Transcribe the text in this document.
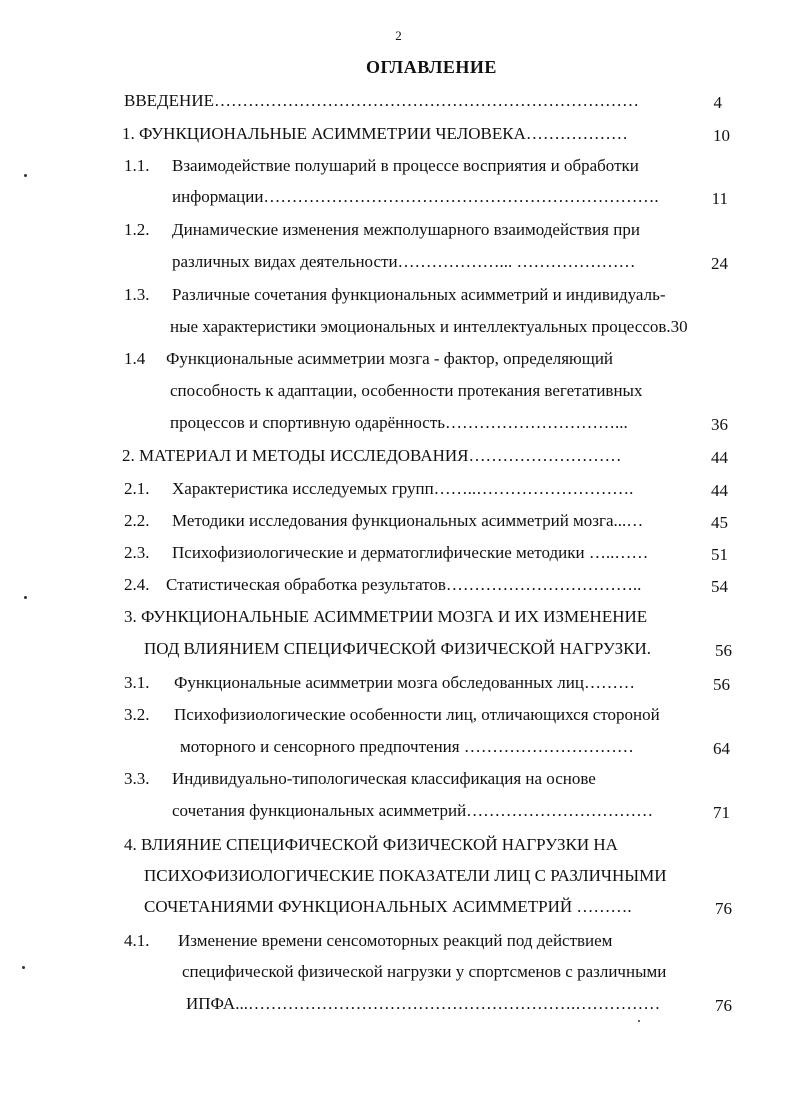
2
ОГЛАВЛЕНИЕ
ВВЕДЕНИЕ…………………………………………………………………	4
1. ФУНКЦИОНАЛЬНЫЕ АСИММЕТРИИ ЧЕЛОВЕКА………………	10
1.1. Взаимодействие полушарий в процессе восприятия и обработки
информации…………………………………………………………….	11
1.2. Динамические изменения межполушарного взаимодействия при
различных видах деятельности………………... …………………	24
1.3. Различные сочетания функциональных асимметрий и индивидуаль-
ные характеристики эмоциональных и интеллектуальных процессов.30
1.4 Функциональные асимметрии мозга - фактор, определяющий
способность к адаптации, особенности протекания вегетативных
процессов и спортивную одарённость…………………………...	36
2. МАТЕРИАЛ И МЕТОДЫ ИССЛЕДОВАНИЯ………………………	44
2.1. Характеристика исследуемых групп……..……………………….	44
2.2. Методики исследования функциональных асимметрий мозга...…	45
2.3. Психофизиологические и дерматоглифические методики …..……	51
2.4. Статистическая обработка результатов……………………………..	54
3. ФУНКЦИОНАЛЬНЫЕ АСИММЕТРИИ МОЗГА И ИХ ИЗМЕНЕНИЕ
ПОД ВЛИЯНИЕМ СПЕЦИФИЧЕСКОЙ ФИЗИЧЕСКОЙ НАГРУЗКИ.	56
3.1. Функциональные асимметрии мозга обследованных лиц………	56
3.2. Психофизиологические особенности лиц, отличающихся стороной
моторного и сенсорного предпочтения …………………………	64
3.3. Индивидуально-типологическая классификация на основе
сочетания функциональных асимметрий……………………………	71
4. ВЛИЯНИЕ СПЕЦИФИЧЕСКОЙ ФИЗИЧЕСКОЙ НАГРУЗКИ НА
ПСИХОФИЗИОЛОГИЧЕСКИЕ ПОКАЗАТЕЛИ ЛИЦ С РАЗЛИЧНЫМИ
СОЧЕТАНИЯМИ ФУНКЦИОНАЛЬНЫХ АСИММЕТРИЙ ……….	76
4.1. Изменение времени сенсомоторных реакций под действием
специфической физической нагрузки у спортсменов с различными
ИПФА...………………………………………………….……………	76
